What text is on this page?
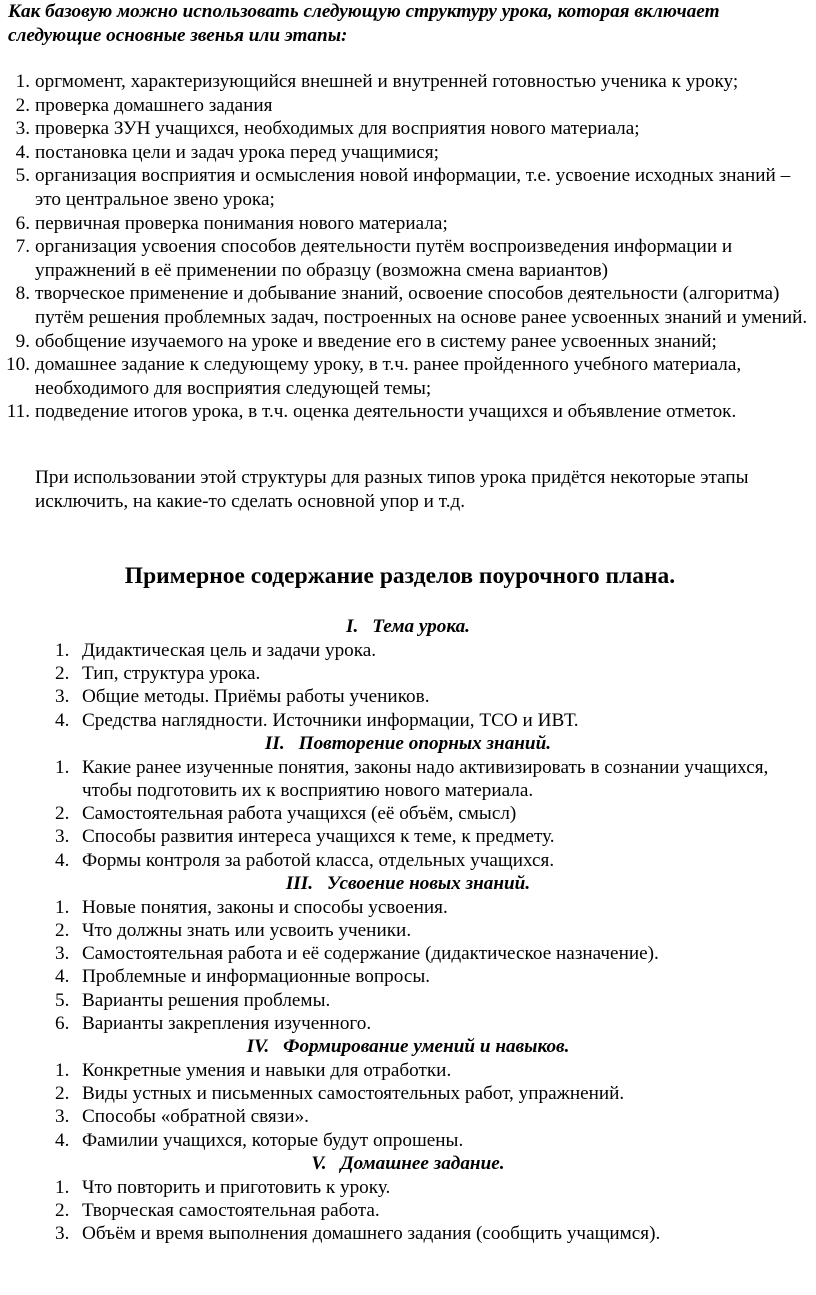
Как базовую можно использовать следующую структуру урока, которая включает следующие основные звенья или этапы:
1. оргмомент, характеризующийся внешней и внутренней готовностью ученика к уроку;
2. проверка домашнего задания
3. проверка ЗУН учащихся, необходимых для восприятия нового материала;
4. постановка цели и задач урока перед учащимися;
5. организация восприятия и осмысления новой информации, т.е. усвоение исходных знаний – это центральное звено урока;
6. первичная проверка понимания нового материала;
7. организация усвоения способов деятельности путём воспроизведения информации и упражнений в её применении по образцу (возможна смена вариантов)
8. творческое применение и добывание знаний, освоение способов деятельности (алгоритма) путём решения проблемных задач, построенных на основе ранее усвоенных знаний и умений.
9. обобщение изучаемого на уроке и введение его в систему ранее усвоенных знаний;
10. домашнее задание к следующему уроку, в т.ч. ранее пройденного учебного материала, необходимого для восприятия следующей темы;
11. подведение итогов урока, в т.ч. оценка деятельности учащихся и объявление отметок.
При использовании этой структуры для разных типов урока придётся некоторые этапы исключить, на какие-то сделать основной упор и т.д.
Примерное содержание разделов поурочного плана.
I. Тема урока.
1. Дидактическая цель и задачи урока.
2. Тип, структура урока.
3. Общие методы. Приёмы работы учеников.
4. Средства наглядности. Источники информации, ТСО и ИВТ.
II. Повторение опорных знаний.
1. Какие ранее изученные понятия, законы надо активизировать в сознании учащихся, чтобы подготовить их к восприятию нового материала.
2. Самостоятельная работа учащихся (её объём, смысл)
3. Способы развития интереса учащихся к теме, к предмету.
4. Формы контроля за работой класса, отдельных учащихся.
III. Усвоение новых знаний.
1. Новые понятия, законы и способы усвоения.
2. Что должны знать или усвоить ученики.
3. Самостоятельная работа и её содержание (дидактическое назначение).
4. Проблемные и информационные вопросы.
5. Варианты решения проблемы.
6. Варианты закрепления изученного.
IV. Формирование умений и навыков.
1. Конкретные умения и навыки для отработки.
2. Виды устных и письменных самостоятельных работ, упражнений.
3. Способы «обратной связи».
4. Фамилии учащихся, которые будут опрошены.
V. Домашнее задание.
1. Что повторить и приготовить к уроку.
2. Творческая самостоятельная работа.
3. Объём и время выполнения домашнего задания (сообщить учащимся).
